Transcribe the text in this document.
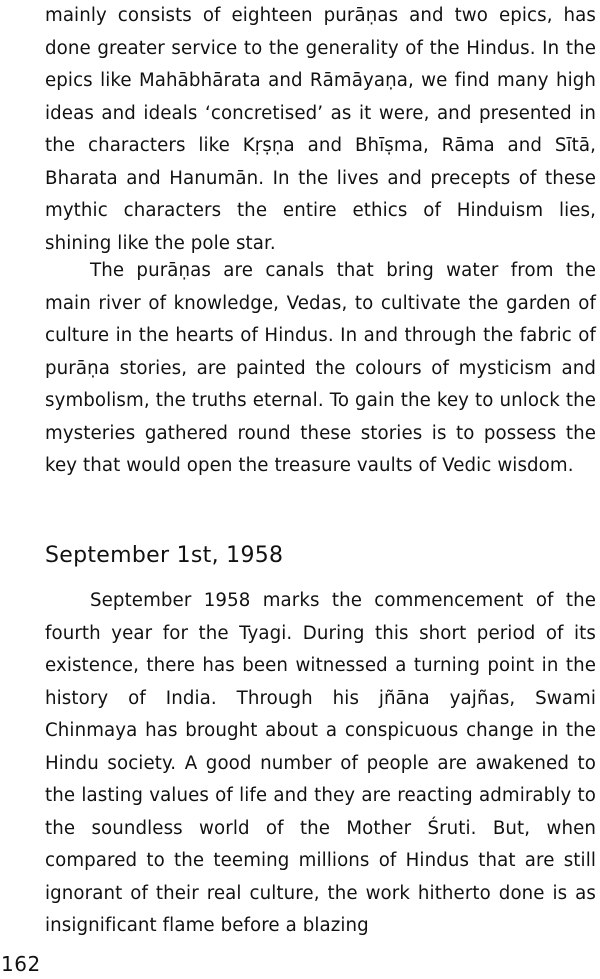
mainly consists of eighteen purāṇas and two epics, has done greater service to the generality of the Hindus. In the epics like Mahābhārata and Rāmāyaṇa, we find many high ideas and ideals ‘concretised’ as it were, and presented in the characters like Kṛṣṇa and Bhīṣma, Rāma and Sītā, Bharata and Hanumān. In the lives and precepts of these mythic characters the entire ethics of Hinduism lies, shining like the pole star.

The purāṇas are canals that bring water from the main river of knowledge, Vedas, to cultivate the garden of culture in the hearts of Hindus. In and through the fabric of purāṇa stories, are painted the colours of mysticism and symbolism, the truths eternal. To gain the key to unlock the mysteries gathered round these stories is to possess the key that would open the treasure vaults of Vedic wisdom.

September 1st, 1958

September 1958 marks the commencement of the fourth year for the Tyagi. During this short period of its existence, there has been witnessed a turning point in the history of India. Through his jñāna yajñas, Swami Chinmaya has brought about a conspicuous change in the Hindu society. A good number of people are awakened to the lasting values of life and they are reacting admirably to the soundless world of the Mother Śruti. But, when compared to the teeming millions of Hindus that are still ignorant of their real culture, the work hitherto done is as insignificant flame before a blazing

162
